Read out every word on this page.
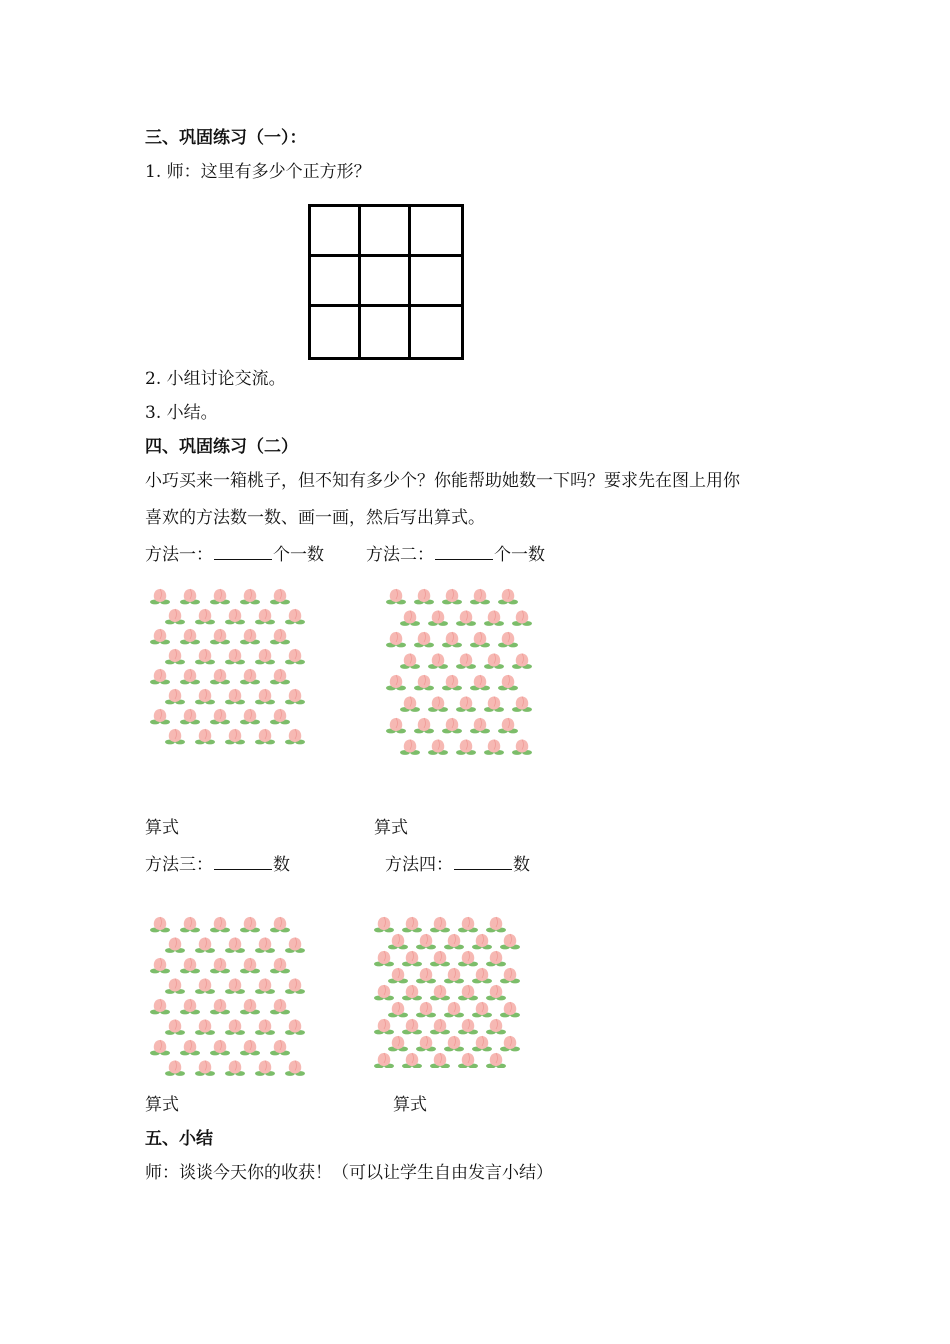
三、巩固练习（一）：
1. 师：这里有多少个正方形？
2. 小组讨论交流。
3. 小结。
四、巩固练习（二）
小巧买来一箱桃子，但不知有多少个？你能帮助她数一下吗？要求先在图上用你
喜欢的方法数一数、画一画，然后写出算式。
方法一：	个一数 方法二：	个一数
算式	算式
方法三：	数	方法四：	数
算式	算式
五、小结
师：谈谈今天你的收获！（可以让学生自由发言小结）
